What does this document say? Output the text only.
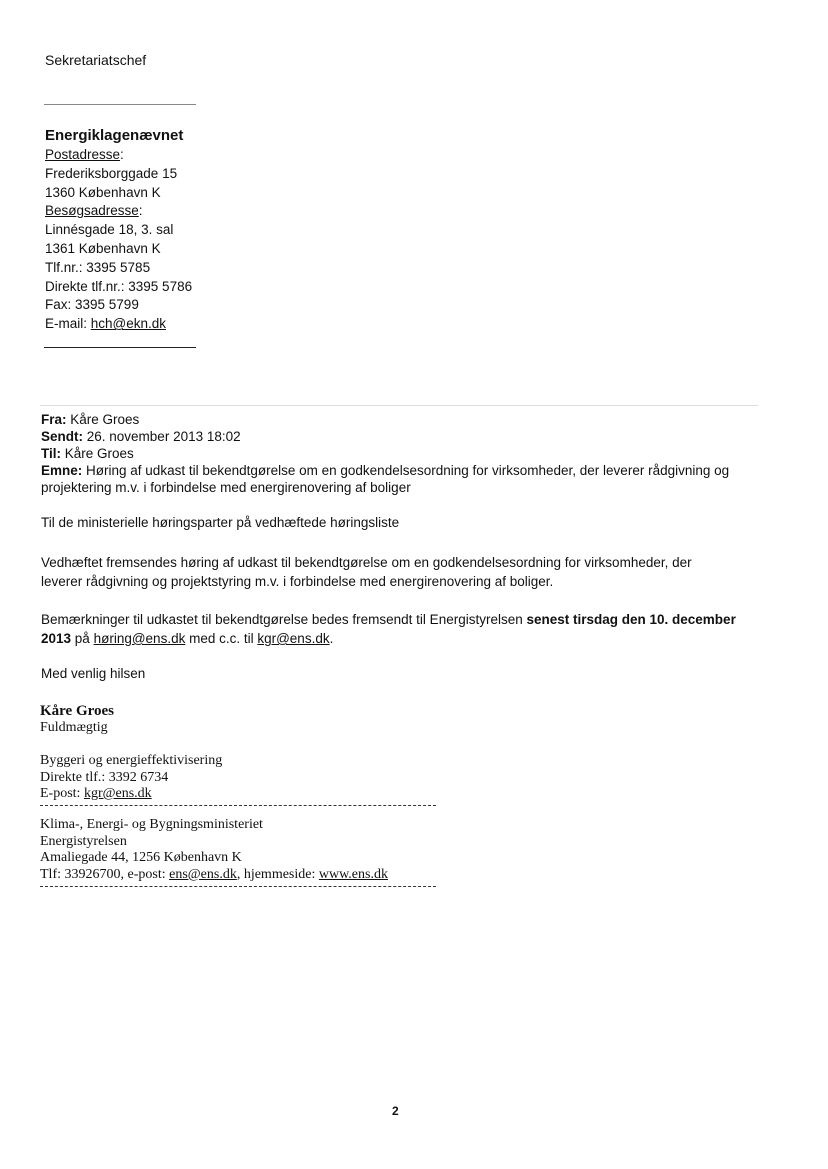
Sekretariatschef
Energiklagenævnet
Postadresse:
Frederiksborggade 15
1360 København K
Besøgsadresse:
Linnésgade 18, 3. sal
1361 København K
Tlf.nr.: 3395 5785
Direkte tlf.nr.: 3395 5786
Fax: 3395 5799
E-mail: hch@ekn.dk
Fra: Kåre Groes
Sendt: 26. november 2013 18:02
Til: Kåre Groes
Emne: Høring af udkast til bekendtgørelse om en godkendelsesordning for virksomheder, der leverer rådgivning og
projektering m.v. i forbindelse med energirenovering af boliger
Til de ministerielle høringsparter på vedhæftede høringsliste
Vedhæftet fremsendes høring af udkast til bekendtgørelse om en godkendelsesordning for virksomheder, der
leverer rådgivning og projektstyring m.v. i forbindelse med energirenovering af boliger.
Bemærkninger til udkastet til bekendtgørelse bedes fremsendt til Energistyrelsen senest tirsdag den 10. december
2013 på høring@ens.dk med c.c. til kgr@ens.dk.
Med venlig hilsen
Kåre Groes
Fuldmægtig
Byggeri og energieffektivisering
Direkte tlf.: 3392 6734
E-post: kgr@ens.dk
Klima-, Energi- og Bygningsministeriet
Energistyrelsen
Amaliegade 44, 1256 København K
Tlf: 33926700, e-post: ens@ens.dk, hjemmeside: www.ens.dk
2
